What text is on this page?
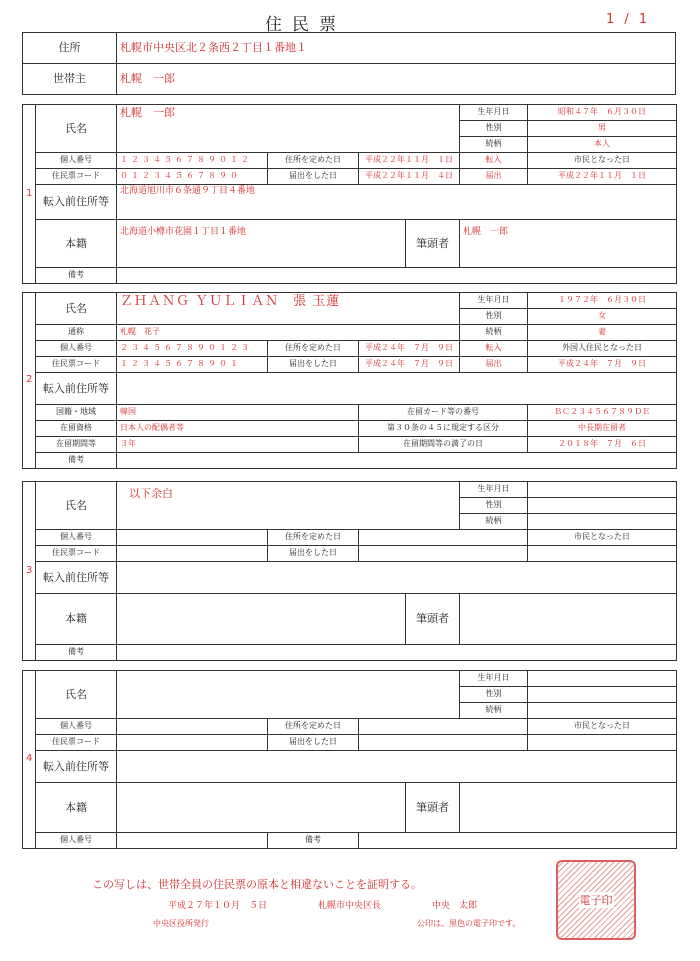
住民票	1 / 1
住所	札幌市中央区北２条西２丁目１番地１
世帯主	札幌　一郎
1	氏名	札幌　一郎				生年月日	昭和４７年　６月３０日
						性別	男
						続柄	本人
	個人番号	１２３４５６７８９０１２	住所を定めた日	平成２２年１１月　１日		転入	市民となった日
	住民票コード	０１２３４５６７８９０	届出をした日	平成２２年１１月　４日		届出	平成２２年１１月　１日
	転入前住所等	北海道旭川市６条通９丁目４番地					
	本籍	北海道小樽市花園１丁目１番地			筆頭者	札幌　一郎	
	備考						
2	氏名	ＺＨＡＮＧ ＹＵＬＩＡＮ　張 玉蓮			生年月日	１９７２年　６月３０日
					性別	女
	通称	札幌　花子			続柄	妻
	個人番号	２３４５６７８９０１２３	住所を定めた日	平成２４年　７月　９日	転入	外国人住民となった日
	住民票コード	１２３４５６７８９０１	届出をした日	平成２４年　７月　９日	届出	平成２４年　７月　９日
	転入前住所等					
	国籍・地域	韓国		在留カード等の番号		ＢＣ２３４５６７８９ＤＥ
	在留資格	日本人の配偶者等		第３０条の４５に規定する区分		中長期在留者
	在留期間等	３年		在留期間等の満了の日		２０１８年　７月　６日
	備考					
3	氏名	以下余白				生年月日	
						性別	
						続柄	
	個人番号		住所を定めた日				市民となった日
	住民票コード		届出をした日				
	転入前住所等						
	本籍				筆頭者		
	備考						
4	氏名					生年月日	
						性別	
						続柄	
	個人番号		住所を定めた日				市民となった日
	住民票コード		届出をした日				
	転入前住所等						
	本籍				筆頭者		
	個人番号		備考				
この写しは、世帯全員の住民票の原本と相違ないことを証明する。
平成２７年１０月　５日	札幌市中央区長	中央　太郎
中央区役所発行	公印は、黒色の電子印です。
電子印
